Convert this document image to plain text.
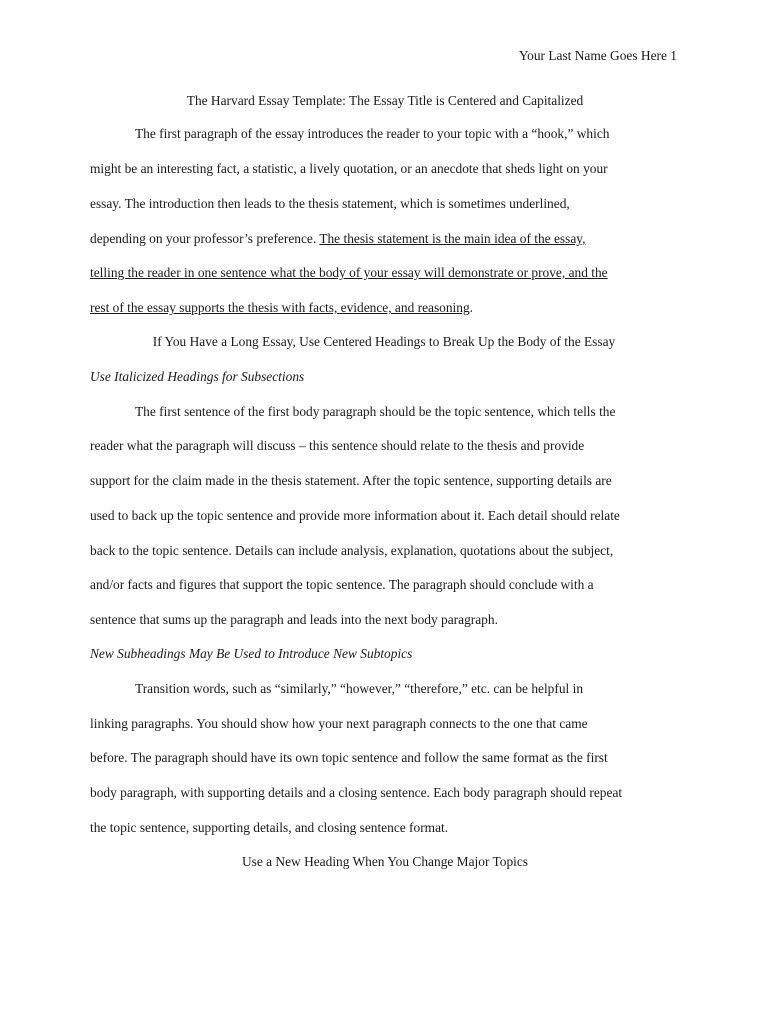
Your Last Name Goes Here 1
The Harvard Essay Template: The Essay Title is Centered and Capitalized
The first paragraph of the essay introduces the reader to your topic with a “hook,” which
might be an interesting fact, a statistic, a lively quotation, or an anecdote that sheds light on your
essay. The introduction then leads to the thesis statement, which is sometimes underlined,
depending on your professor’s preference. The thesis statement is the main idea of the essay,
telling the reader in one sentence what the body of your essay will demonstrate or prove, and the
rest of the essay supports the thesis with facts, evidence, and reasoning.
If You Have a Long Essay, Use Centered Headings to Break Up the Body of the Essay
Use Italicized Headings for Subsections
The first sentence of the first body paragraph should be the topic sentence, which tells the
reader what the paragraph will discuss – this sentence should relate to the thesis and provide
support for the claim made in the thesis statement. After the topic sentence, supporting details are
used to back up the topic sentence and provide more information about it. Each detail should relate
back to the topic sentence. Details can include analysis, explanation, quotations about the subject,
and/or facts and figures that support the topic sentence. The paragraph should conclude with a
sentence that sums up the paragraph and leads into the next body paragraph.
New Subheadings May Be Used to Introduce New Subtopics
Transition words, such as “similarly,” “however,” “therefore,” etc. can be helpful in
linking paragraphs. You should show how your next paragraph connects to the one that came
before. The paragraph should have its own topic sentence and follow the same format as the first
body paragraph, with supporting details and a closing sentence. Each body paragraph should repeat
the topic sentence, supporting details, and closing sentence format.
Use a New Heading When You Change Major Topics
